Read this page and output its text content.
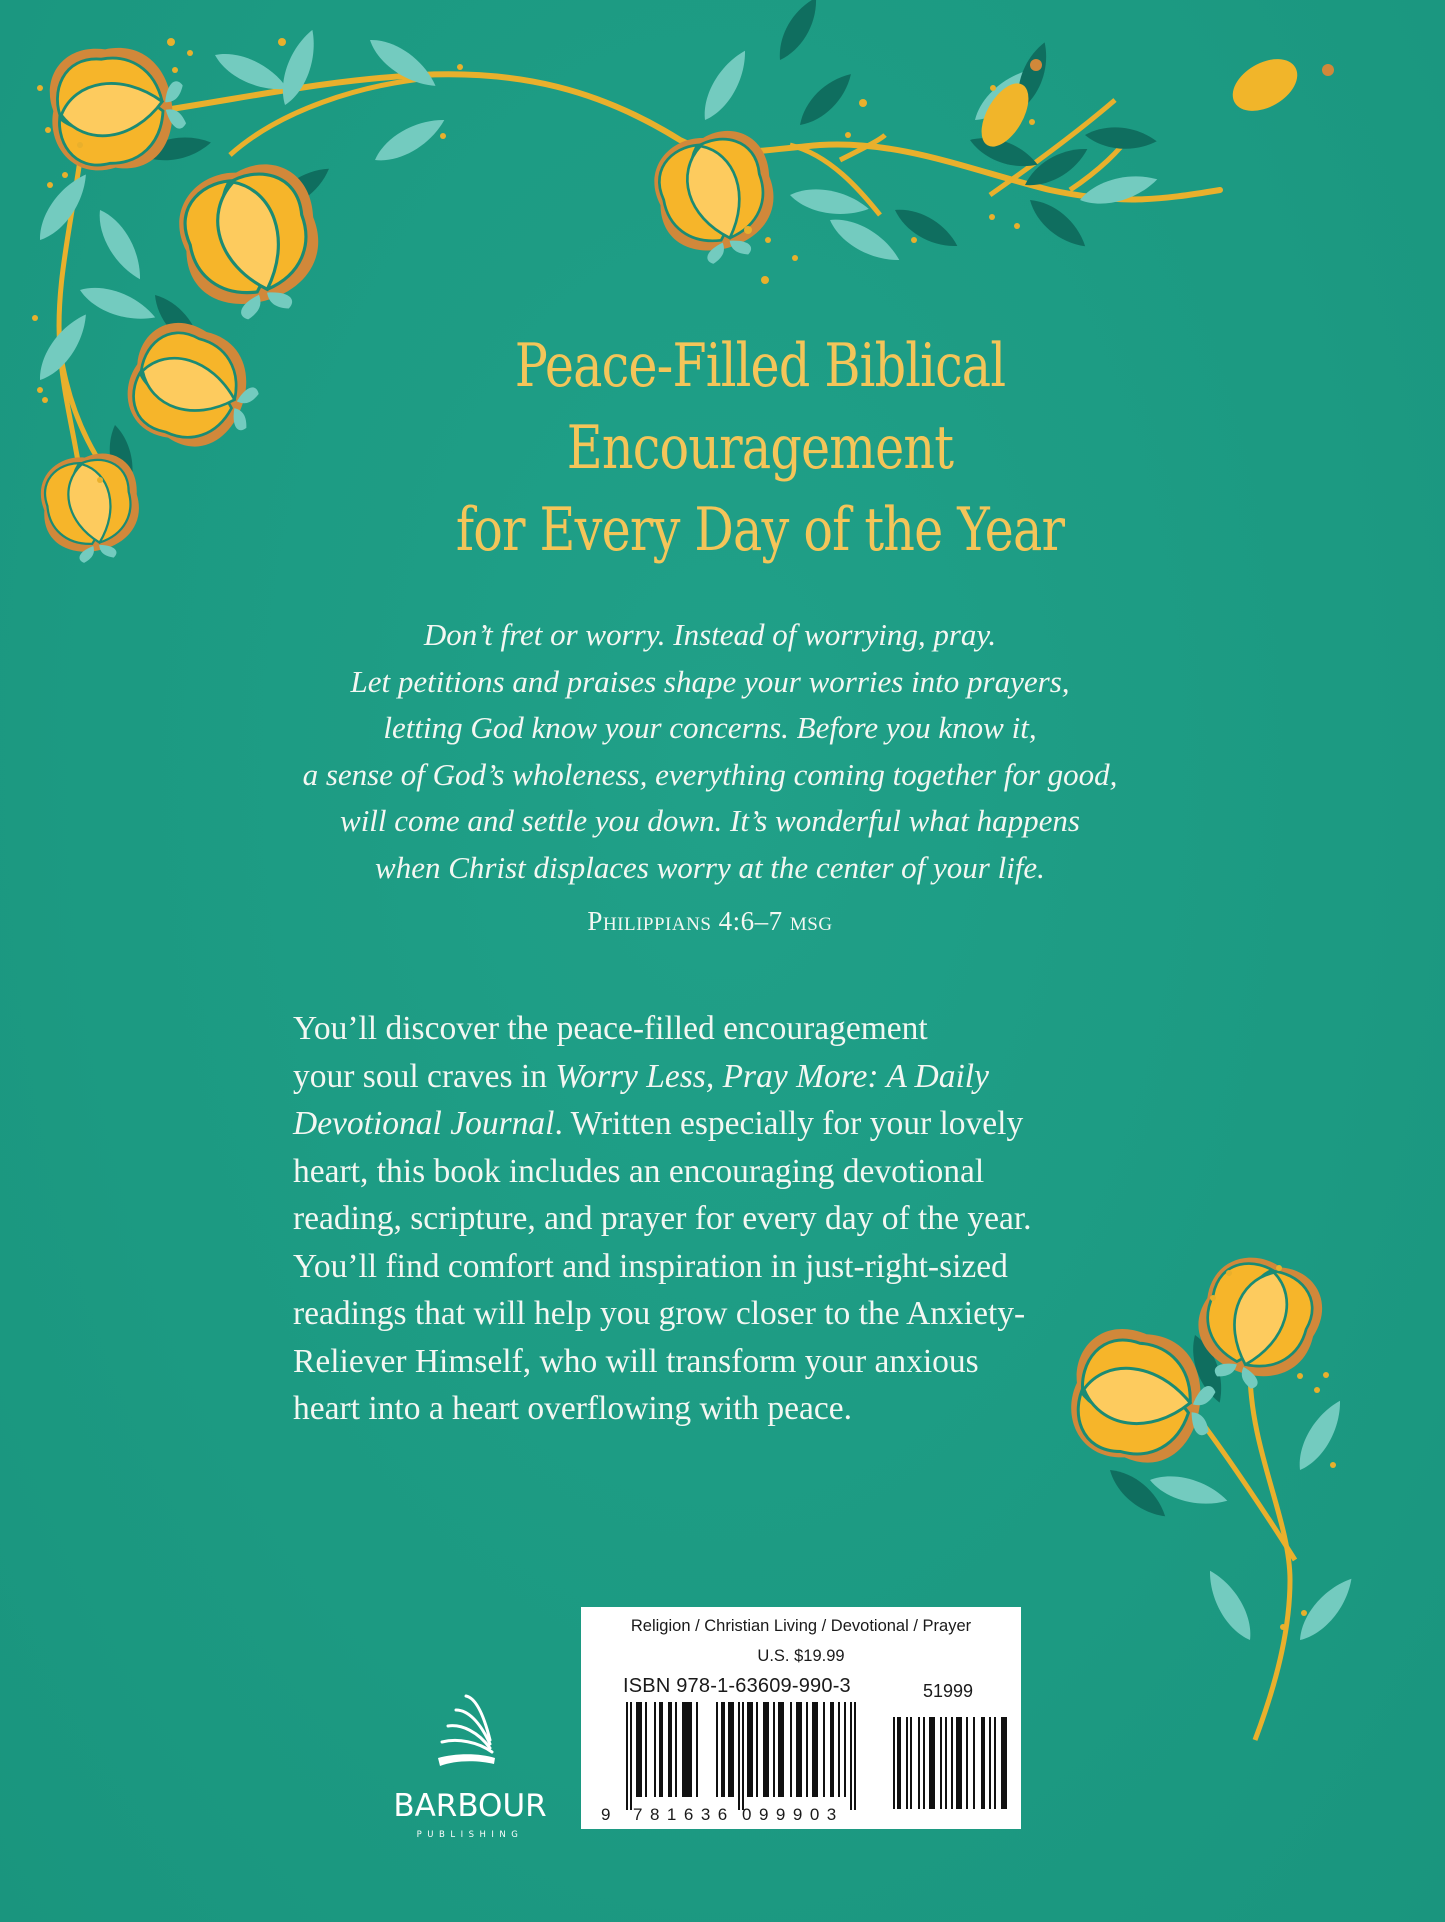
Peace-Filled Biblical
Encouragement
for Every Day of the Year
Don’t fret or worry. Instead of worrying, pray.
Let petitions and praises shape your worries into prayers,
letting God know your concerns. Before you know it,
a sense of God’s wholeness, everything coming together for good,
will come and settle you down. It’s wonderful what happens
when Christ displaces worry at the center of your life.
Philippians 4:6–7 msg
You’ll discover the peace-filled encouragement
your soul craves in Worry Less, Pray More: A Daily
Devotional Journal. Written especially for your lovely
heart, this book includes an encouraging devotional
reading, scripture, and prayer for every day of the year.
You’ll find comfort and inspiration in just-right-sized
readings that will help you grow closer to the Anxiety-
Reliever Himself, who will transform your anxious
heart into a heart overflowing with peace.
BARBOUR
PUBLISHING
Religion / Christian Living / Devotional / Prayer
U.S. $19.99
ISBN 978-1-63609-990-3	51999
9 781636 099903
